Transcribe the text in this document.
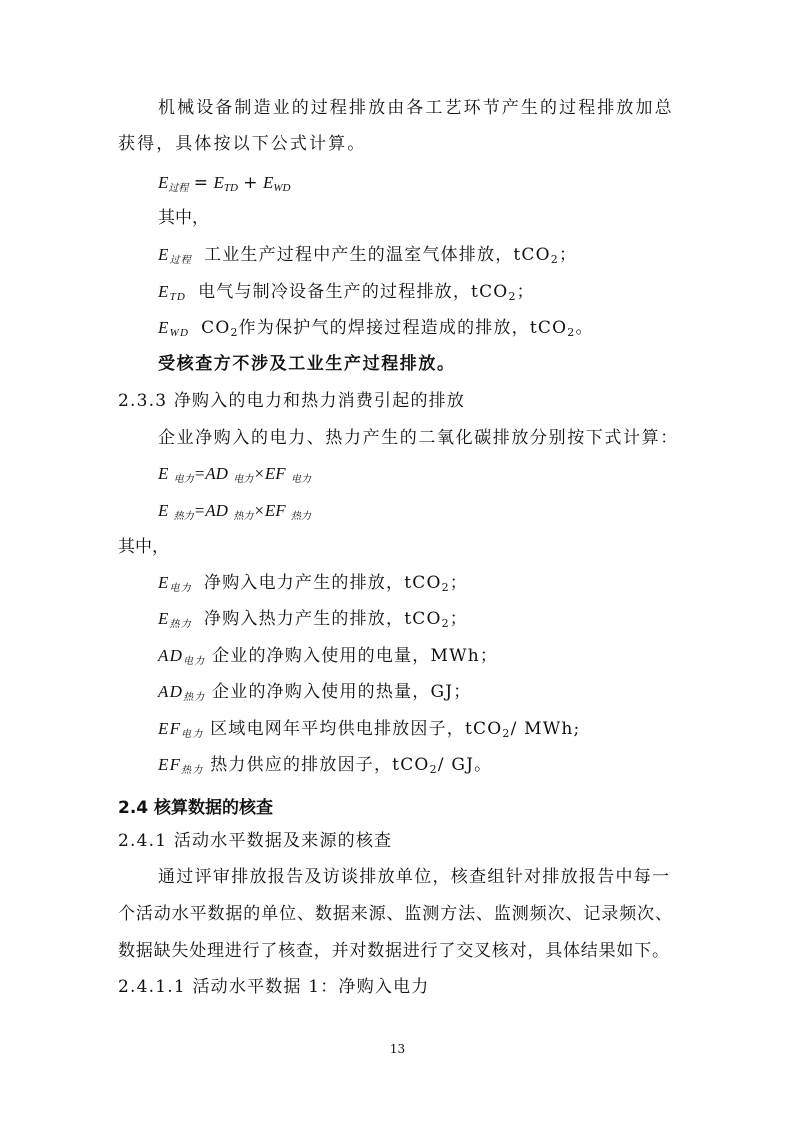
机械设备制造业的过程排放由各工艺环节产生的过程排放加总
获得，具体按以下公式计算。
E过程 = ETD + EWD
其中，
E过程 工业生产过程中产生的温室气体排放，tCO2；
ETD 电气与制冷设备生产的过程排放，tCO2；
EWD CO2作为保护气的焊接过程造成的排放，tCO2。
受核查方不涉及工业生产过程排放。
2.3.3 净购入的电力和热力消费引起的排放
企业净购入的电力、热力产生的二氧化碳排放分别按下式计算：
E 电力=AD 电力×EF 电力
E 热力=AD 热力×EF 热力
其中，
E电力 净购入电力产生的排放，tCO2；
E热力 净购入热力产生的排放，tCO2；
AD电力 企业的净购入使用的电量，MWh；
AD热力 企业的净购入使用的热量，GJ；
EF电力 区域电网年平均供电排放因子，tCO2/ MWh;
EF热力 热力供应的排放因子，tCO2/ GJ。
2.4 核算数据的核查
2.4.1 活动水平数据及来源的核查
通过评审排放报告及访谈排放单位，核查组针对排放报告中每一
个活动水平数据的单位、数据来源、监测方法、监测频次、记录频次、
数据缺失处理进行了核查，并对数据进行了交叉核对，具体结果如下。
2.4.1.1 活动水平数据 1：净购入电力
13
